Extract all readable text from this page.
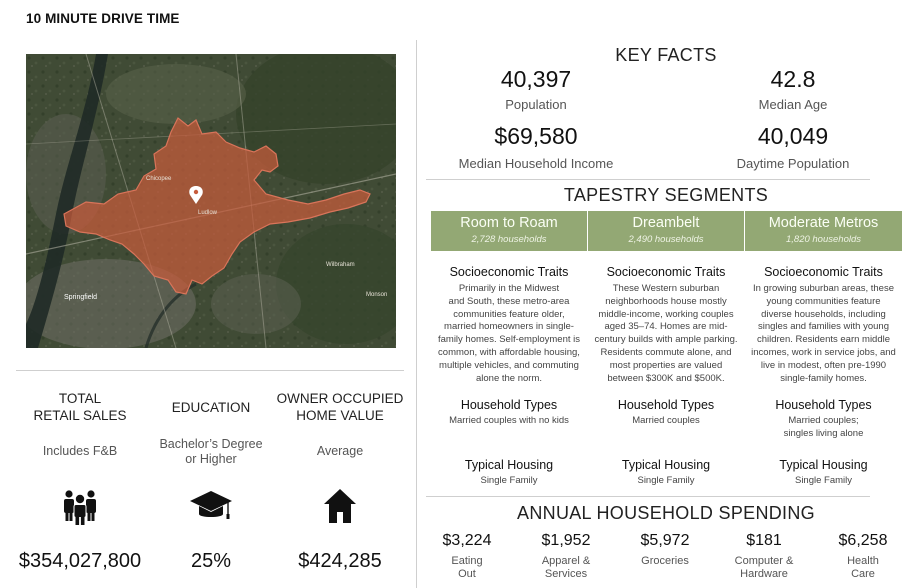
10 MINUTE DRIVE TIME
Springfield
Chicopee
Ludlow
Wilbraham
Monson
TOTAL
RETAIL SALES
Includes F&B
$354,027,800
EDUCATION
Bachelor’s Degree
or Higher
25%
OWNER OCCUPIED
HOME VALUE
Average
$424,285
KEY FACTS
40,397
Population
42.8
Median Age
$69,580
Median Household Income
40,049
Daytime Population
TAPESTRY SEGMENTS
Room to Roam
2,728 households
Dreambelt
2,490 households
Moderate Metros
1,820 households
Socioeconomic Traits
Primarily in the Midwest
and South, these metro-area
communities feature older,
married homeowners in single-
family homes. Self-employment is
common, with affordable housing,
multiple vehicles, and commuting
alone the norm.
Household Types
Married couples with no kids
Typical Housing
Single Family
Socioeconomic Traits
These Western suburban
neighborhoods house mostly
middle-income, working couples
aged 35–74. Homes are mid-
century builds with ample parking.
Residents commute alone, and
most properties are valued
between $300K and $500K.
Household Types
Married couples
Typical Housing
Single Family
Socioeconomic Traits
In growing suburban areas, these
young communities feature
diverse households, including
singles and families with young
children. Residents earn middle
incomes, work in service jobs, and
live in modest, often pre-1990
single-family homes.
Household Types
Married couples;
singles living alone
Typical Housing
Single Family
ANNUAL HOUSEHOLD SPENDING
$3,224
Eating
Out
$1,952
Apparel &
Services
$5,972
Groceries
$181
Computer &
Hardware
$6,258
Health
Care
